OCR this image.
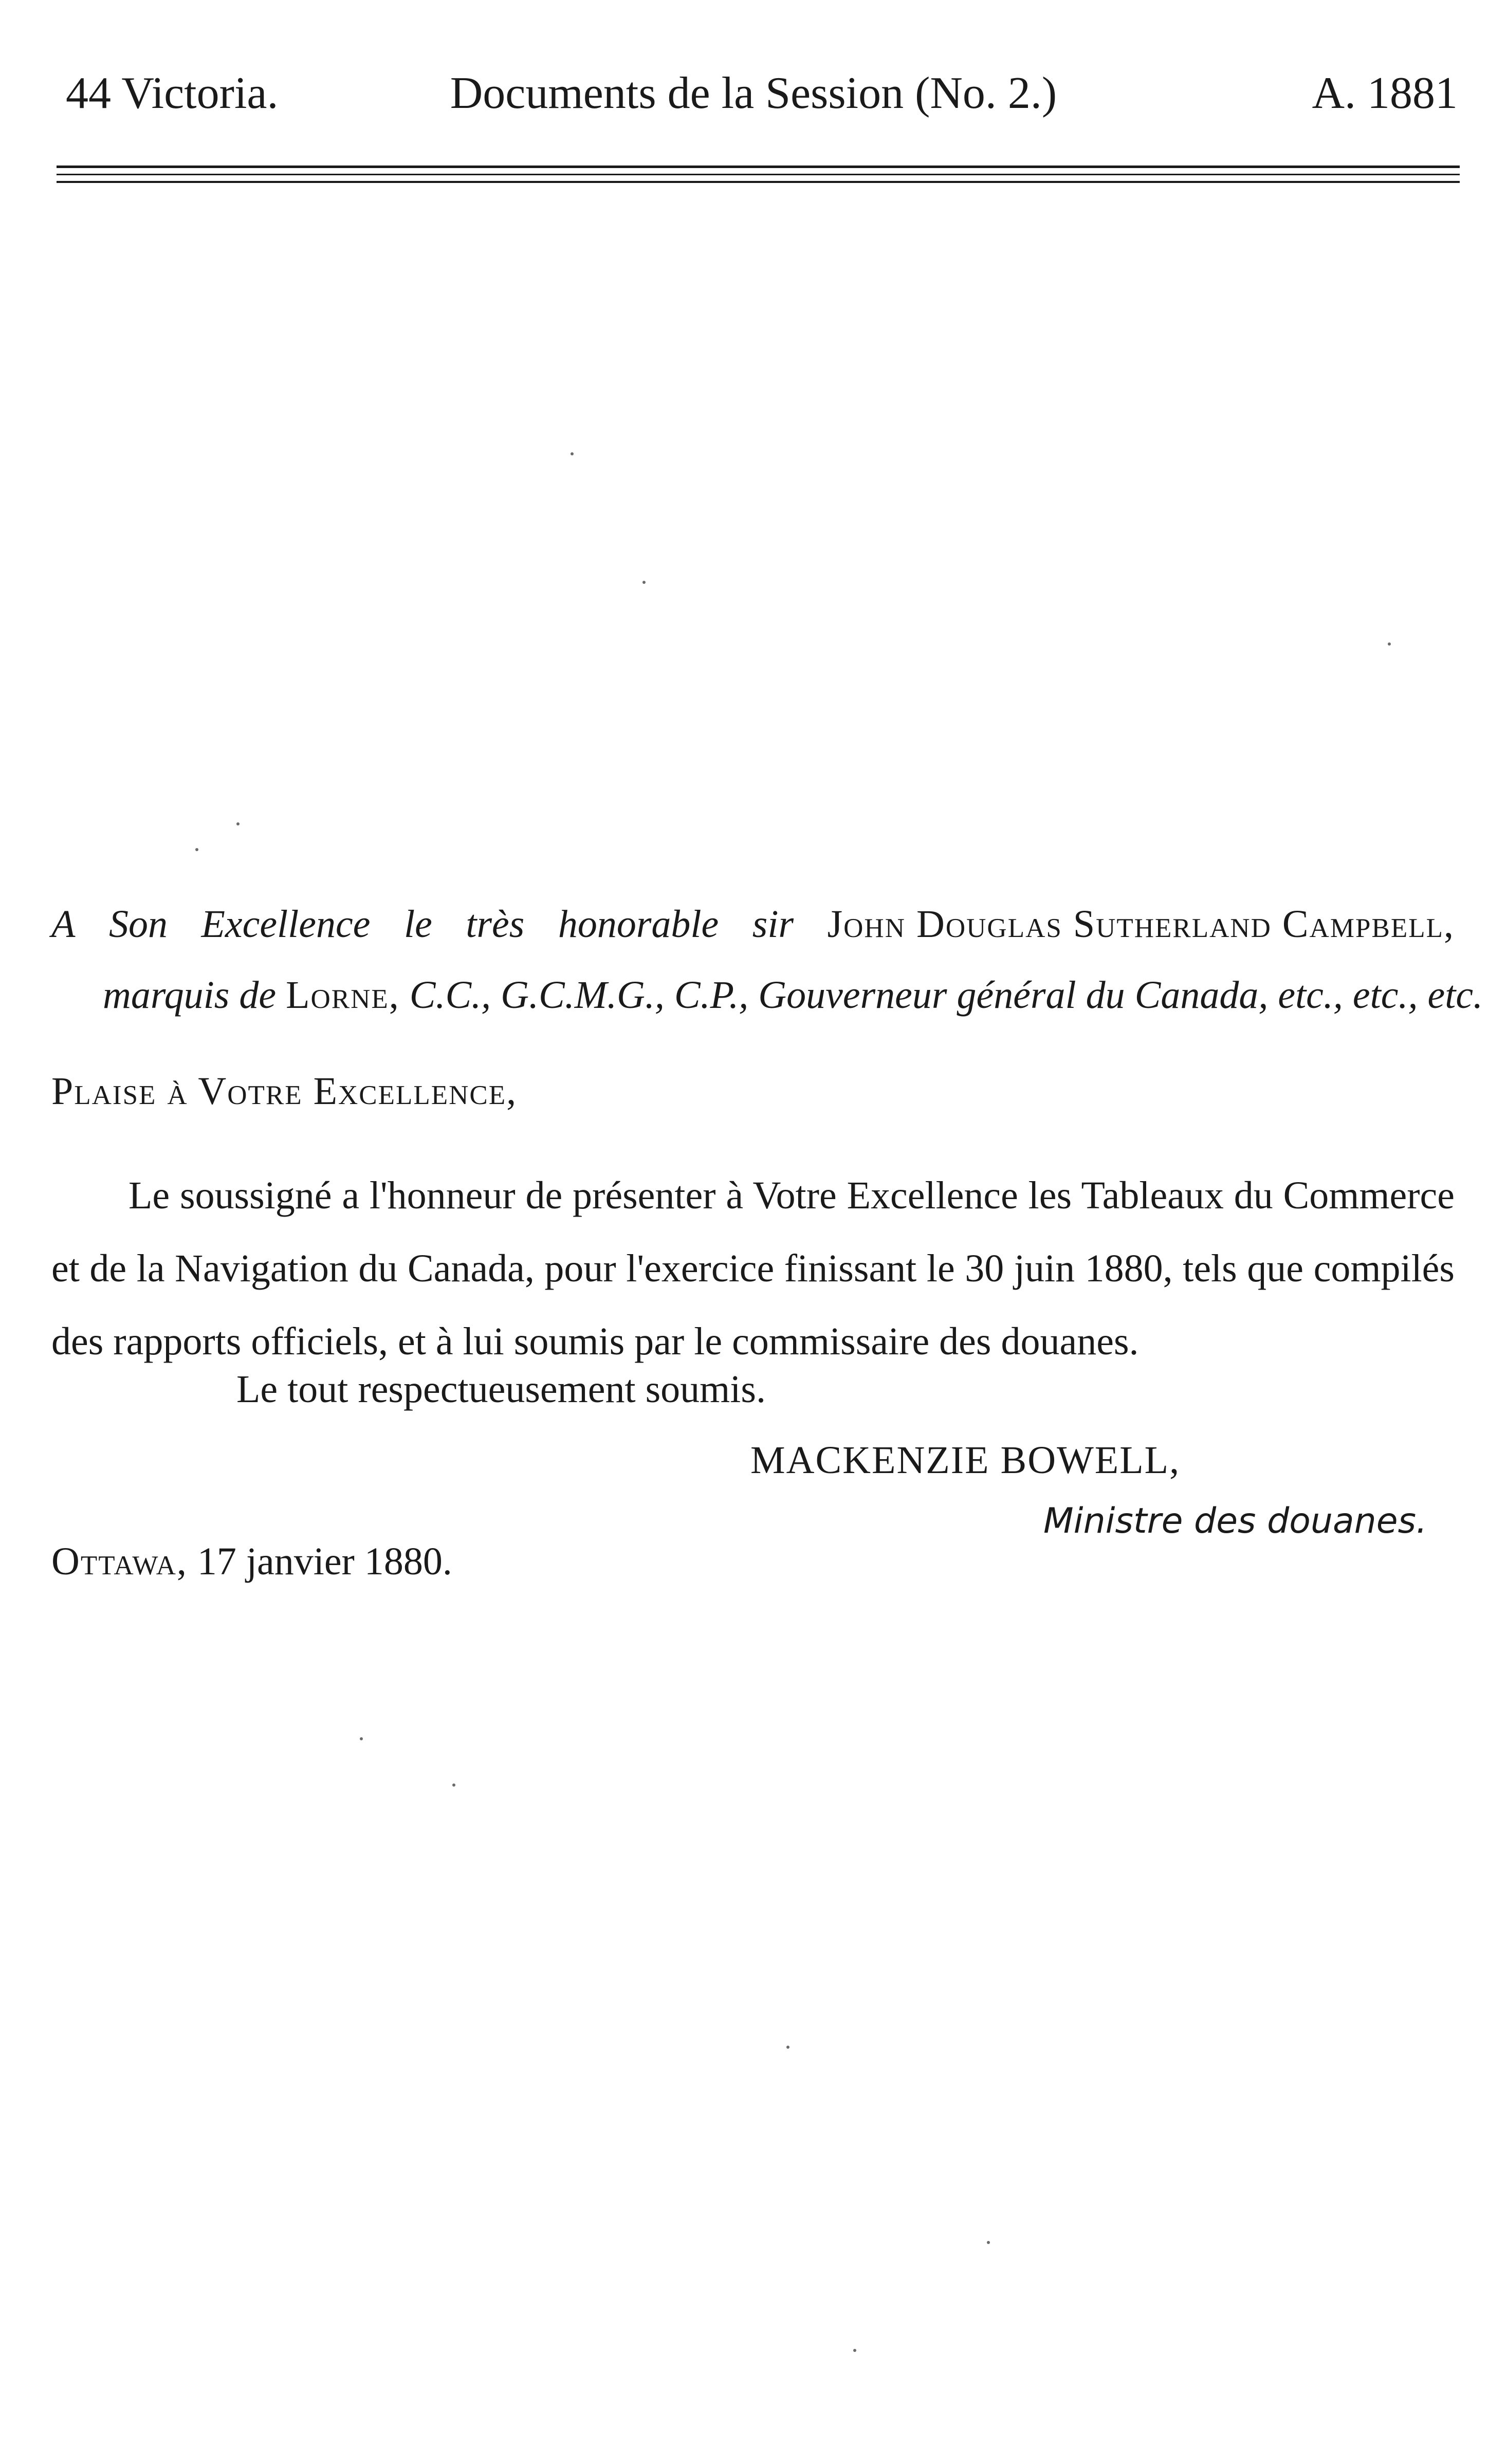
44 Victoria.	Documents de la Session (No. 2.)	A. 1881
A Son Excellence le très honorable sir John Douglas Sutherland Campbell,
marquis de Lorne, C.C., G.C.M.G., C.P., Gouverneur général du Canada, etc., etc., etc.
Plaise à Votre Excellence,

Le soussigné a l'honneur de présenter à Votre Excellence les Tableaux du Commerce et de la Navigation du Canada, pour l'exercice finissant le 30 juin 1880, tels que compilés des rapports officiels, et à lui soumis par le commissaire des douanes.

Le tout respectueusement soumis.
MACKENZIE BOWELL,
Ministre des douanes.
Ottawa, 17 janvier 1880.
